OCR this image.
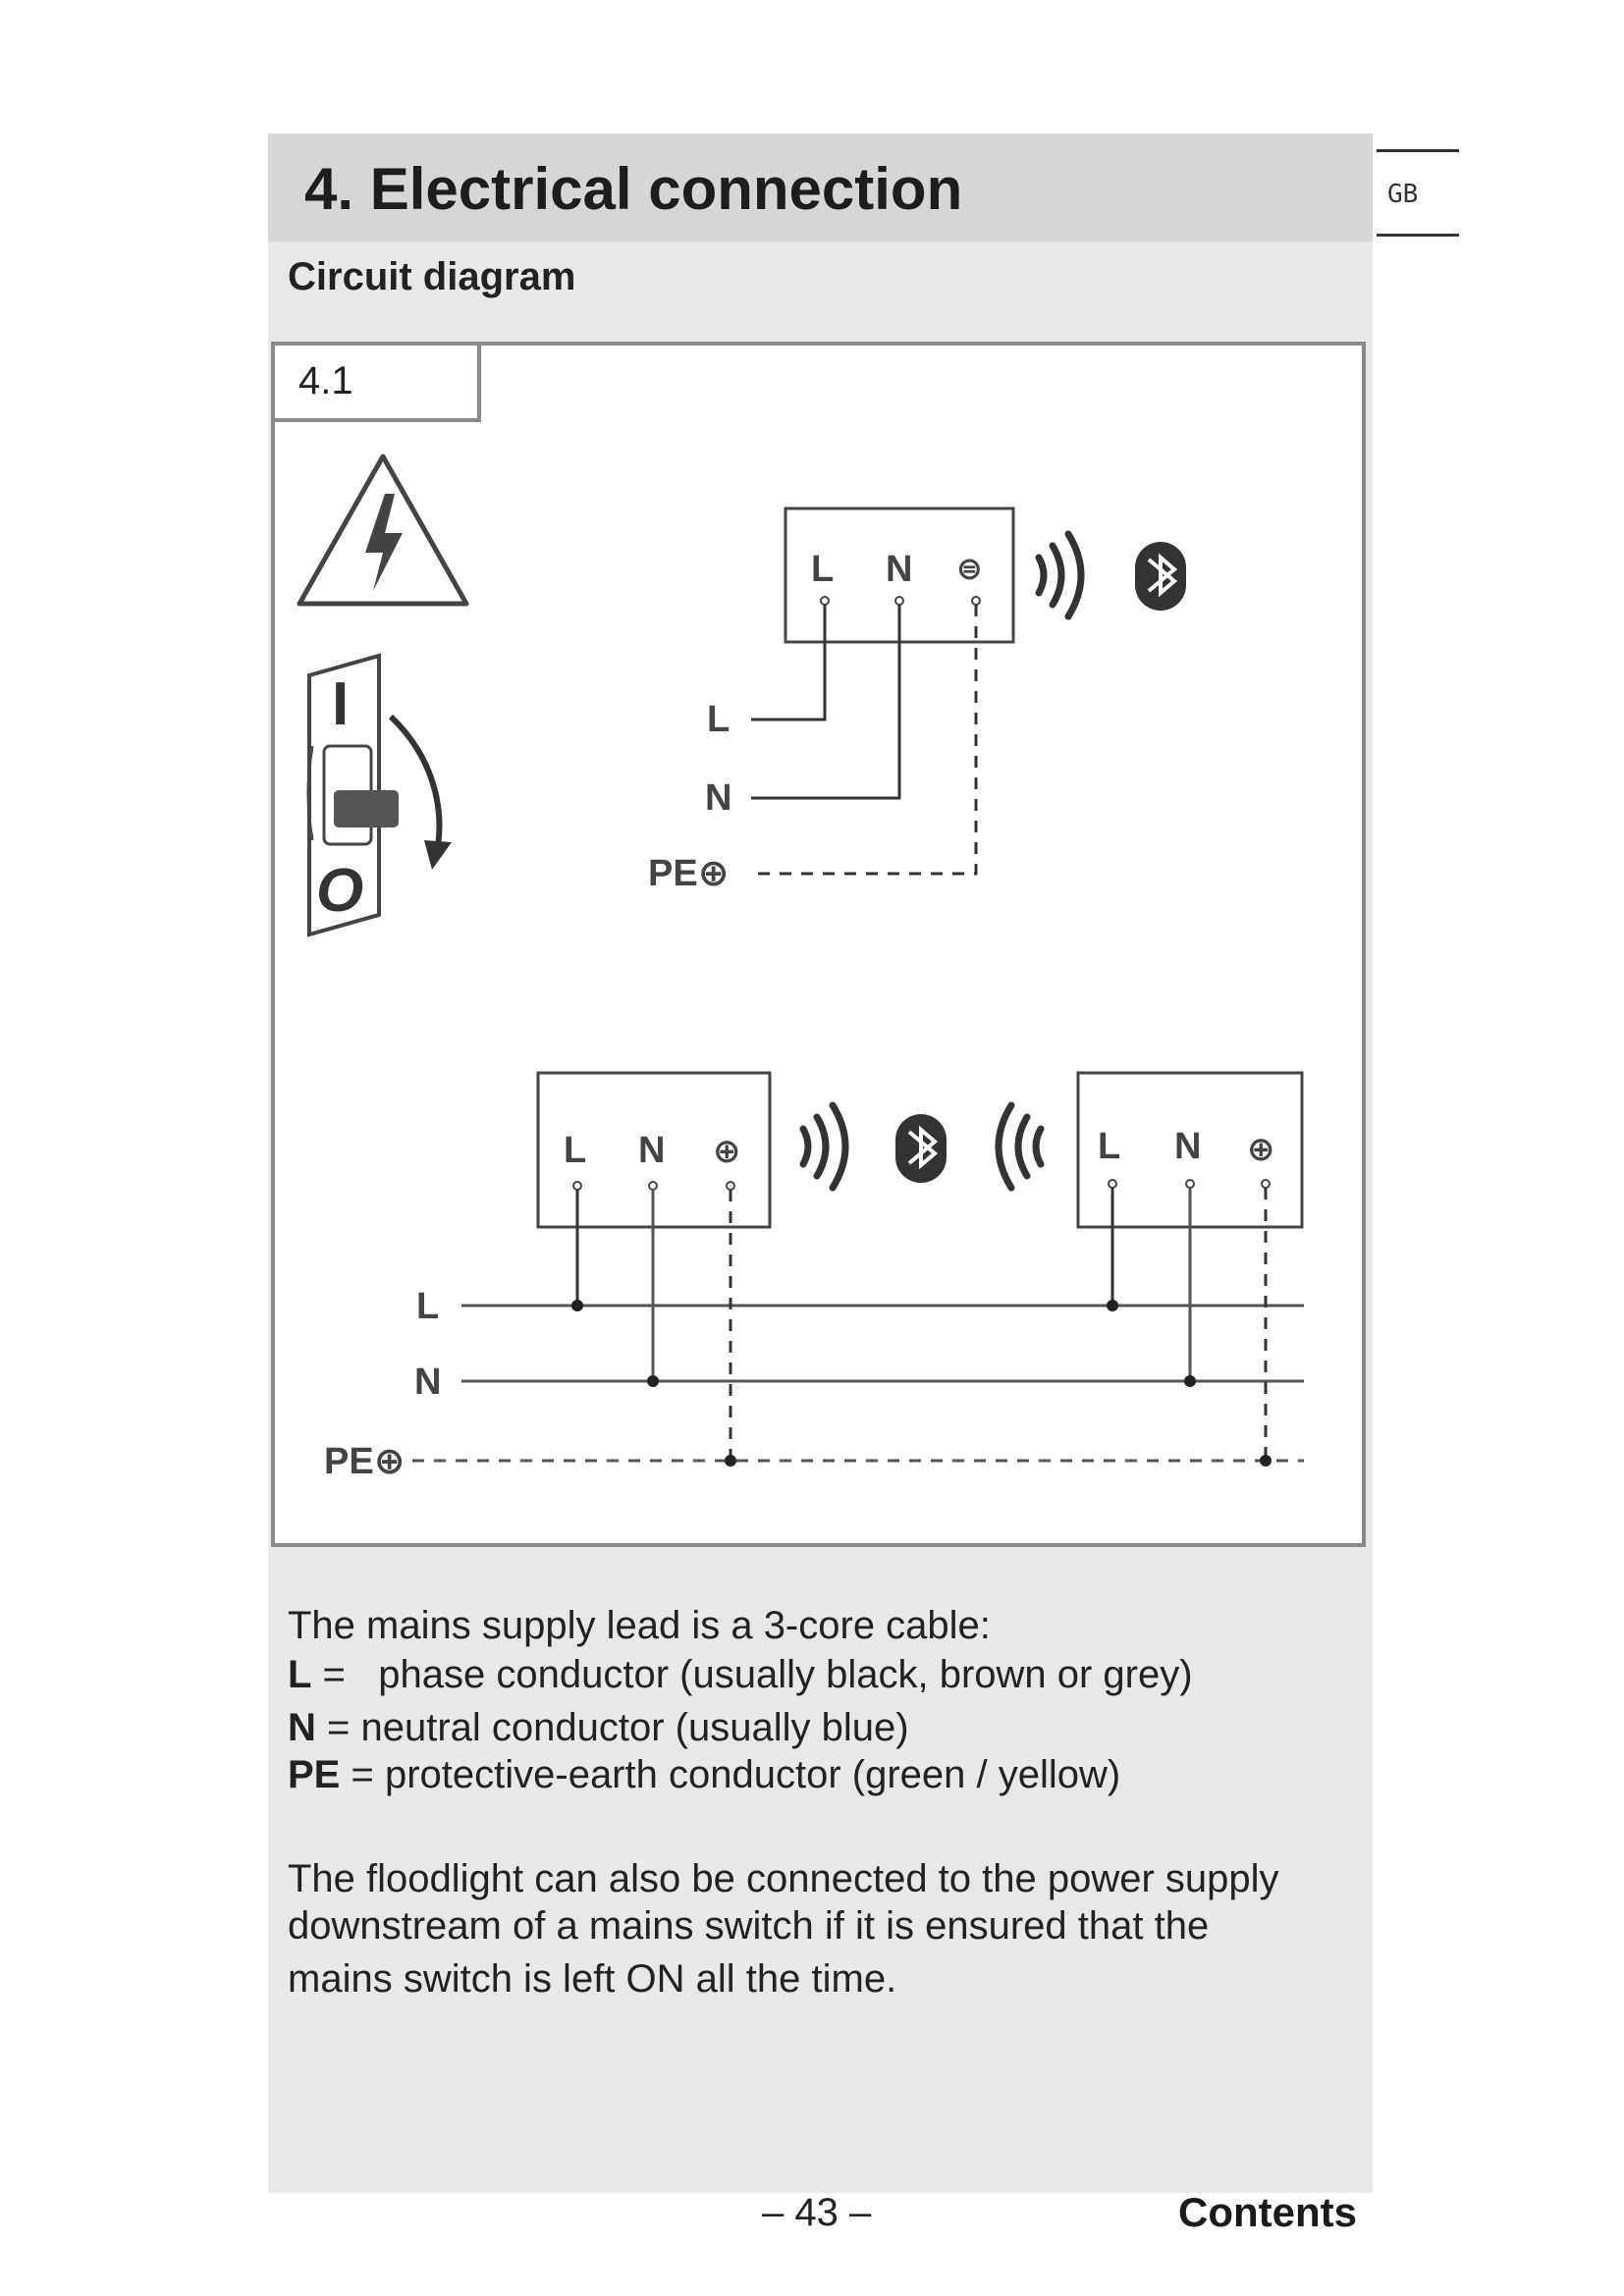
4. Electrical connection
Circuit diagram
GB
4.1
I
O
L N ⊜
L
N
PE⊕
L N ⊕	L N ⊕
L
N
PE⊕
The mains supply lead is a 3-core cable:
L =   phase conductor (usually black, brown or grey)
N = neutral conductor (usually blue)
PE = protective-earth conductor (green / yellow)
The floodlight can also be connected to the power supply
downstream of a mains switch if it is ensured that the
mains switch is left ON all the time.
– 43 –	Contents
